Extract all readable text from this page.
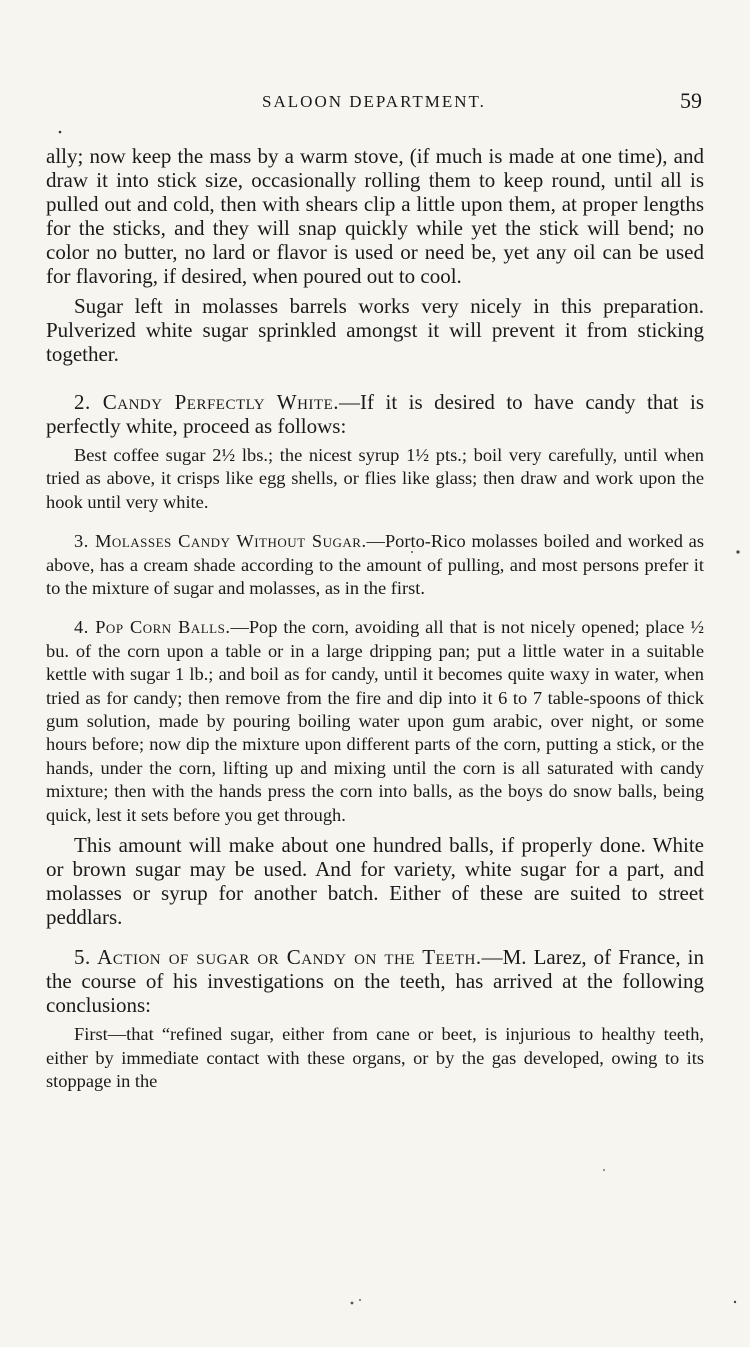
SALOON DEPARTMENT.	59

ally; now keep the mass by a warm stove, (if much is made at one time), and draw it into stick size, occasionally rolling them to keep round, until all is pulled out and cold, then with shears clip a little upon them, at proper lengths for the sticks, and they will snap quickly while yet the stick will bend; no color no butter, no lard or flavor is used or need be, yet any oil can be used for flavoring, if desired, when poured out to cool.

Sugar left in molasses barrels works very nicely in this preparation. Pulverized white sugar sprinkled amongst it will prevent it from sticking together.

2. Candy Perfectly White.—If it is desired to have candy that is perfectly white, proceed as follows:

Best coffee sugar 2½ lbs.; the nicest syrup 1½ pts.; boil very carefully, until when tried as above, it crisps like egg shells, or flies like glass; then draw and work upon the hook until very white.

3. Molasses Candy Without Sugar.—Porto-Rico molasses boiled and worked as above, has a cream shade according to the amount of pulling, and most persons prefer it to the mixture of sugar and molasses, as in the first.

4. Pop Corn Balls.—Pop the corn, avoiding all that is not nicely opened; place ½ bu. of the corn upon a table or in a large dripping pan; put a little water in a suitable kettle with sugar 1 lb.; and boil as for candy, until it becomes quite waxy in water, when tried as for candy; then remove from the fire and dip into it 6 to 7 table-spoons of thick gum solution, made by pouring boiling water upon gum arabic, over night, or some hours before; now dip the mixture upon different parts of the corn, putting a stick, or the hands, under the corn, lifting up and mixing until the corn is all saturated with candy mixture; then with the hands press the corn into balls, as the boys do snow balls, being quick, lest it sets before you get through.

This amount will make about one hundred balls, if properly done. White or brown sugar may be used. And for variety, white sugar for a part, and molasses or syrup for another batch. Either of these are suited to street peddlars.

5. Action of sugar or Candy on the Teeth.—M. Larez, of France, in the course of his investigations on the teeth, has arrived at the following conclusions:

First—that “refined sugar, either from cane or beet, is injurious to healthy teeth, either by immediate contact with these organs, or by the gas developed, owing to its stoppage in the
